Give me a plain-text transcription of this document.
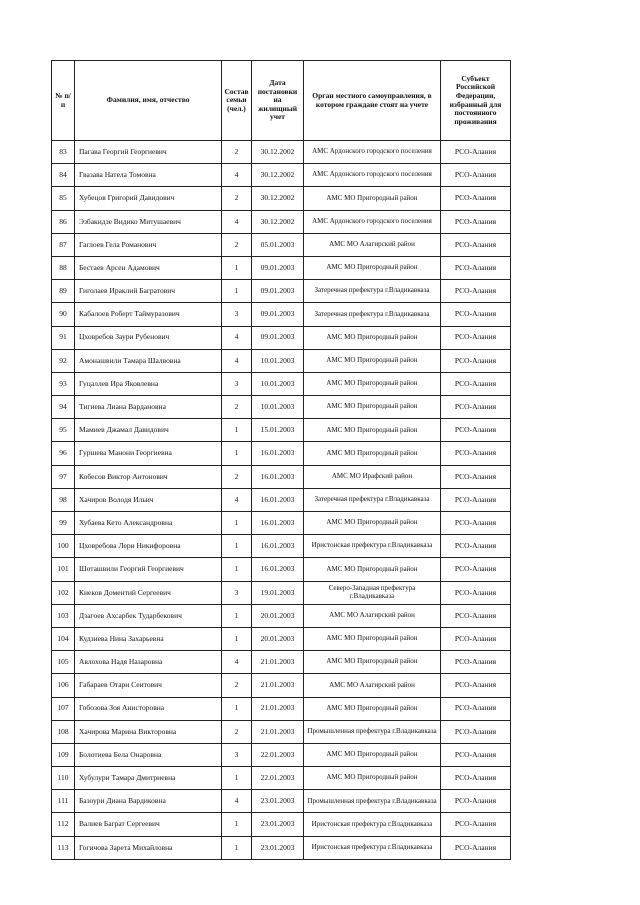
№ п/п	Фамилия, имя, отчество	Состав семьи (чел.)	Дата постановки на жилищный учет	Орган местного самоуправления, в котором граждане стоят на учете	Субъект Российской Федерации, избранный для постоянного проживания
83	Пагава Георгий Георгиевич	2	30.12.2002	АМС Ардонского городского поселения	РСО-Алания
84	Гвазава Натела Томовна	4	30.12.2002	АМС Ардонского городского поселения	РСО-Алания
85	Хубецов Григорий Давидович	2	30.12.2002	АМС МО Пригородный район	РСО-Алания
86	Эзбакидзе Видико Митушаевич	4	30.12.2002	АМС Ардонского городского поселения	РСО-Алания
87	Гаглоев Гела Романович	2	05.01.2003	АМС МО Алагирский район	РСО-Алания
88	Бестаев Арсен Адамович	1	09.01.2003	АМС МО Пригородный район	РСО-Алания
89	Гиголаев Ираклий Багратович	1	09.01.2003	Затеречная префектура г.Владикавказа	РСО-Алания
90	Кабалоев Роберт Таймуразович	3	09.01.2003	Затеречная префектура г.Владикавказа	РСО-Алания
91	Цховребов Заури Рубенович	4	09.01.2003	АМС МО Пригородный район	РСО-Алания
92	Амонашвили Тамара Шалвовна	4	10.01.2003	АМС МО Пригородный район	РСО-Алания
93	Гуцаллев Ира Яковлевна	3	10.01.2003	АМС МО Пригородный район	РСО-Алания
94	Тигиева Лиана Вардановна	2	10.01.2003	АМС МО Пригородный район	РСО-Алания
95	Мамиев Джамал Давидович	1	15.01.2003	АМС МО Пригородный район	РСО-Алания
96	Гуршева Манони Георгиевна	1	16.01.2003	АМС МО Пригородный район	РСО-Алания
97	Кобесов Виктор Антонович	2	16.01.2003	АМС МО Ирафский район	РСО-Алания
98	Хачиров Володя Ильич	4	16.01.2003	Затеречная префектура г.Владикавказа	РСО-Алания
99	Хубаева Кето Александровна	1	16.01.2003	АМС МО Пригородный район	РСО-Алания
100	Цховребова Лери Никифоровна	1	16.01.2003	Иристонская префектура г.Владикавказа	РСО-Алания
101	Шоташвили Георгий Георгиевич	1	16.01.2003	АМС МО Пригородный район	РСО-Алания
102	Киеков Доментий Сергеевич	3	19.01.2003	Северо-Западная префектура г.Владикавказа	РСО-Алания
103	Дзагоев Ахсарбек Тударбекович	1	20.01.2003	АМС МО Алагирский район	РСО-Алания
104	Кудзиева Нина Захарьевна	1	20.01.2003	АМС МО Пригородный район	РСО-Алания
105	Авлохова Надя Назаровна	4	21.01.2003	АМС МО Пригородный район	РСО-Алания
106	Габараев Отари Сеитович	2	21.01.2003	АМС МО Алагирский район	РСО-Алания
107	Гобозова Зоя Анисторовна	1	21.01.2003	АМС МО Пригородный район	РСО-Алания
108	Хачирова Марина Викторовна	2	21.01.2003	Промышленная префектура г.Владикавказа	РСО-Алания
109	Болотиева Бела Онаровна	3	22.01.2003	АМС МО Пригородный район	РСО-Алания
110	Хубулури Тамара Дмитриевна	1	22.01.2003	АМС МО Пригородный район	РСО-Алания
111	Базоури Диана Вардиковна	4	23.01.2003	Промышленная префектура г.Владикавказа	РСО-Алания
112	Валиев Баграт Сергеевич	1	23.01.2003	Иристонская префектура г.Владикавказа	РСО-Алания
113	Гогичова Зарета Михайловна	1	23.01.2003	Иристонская префектура г.Владикавказа	РСО-Алания
